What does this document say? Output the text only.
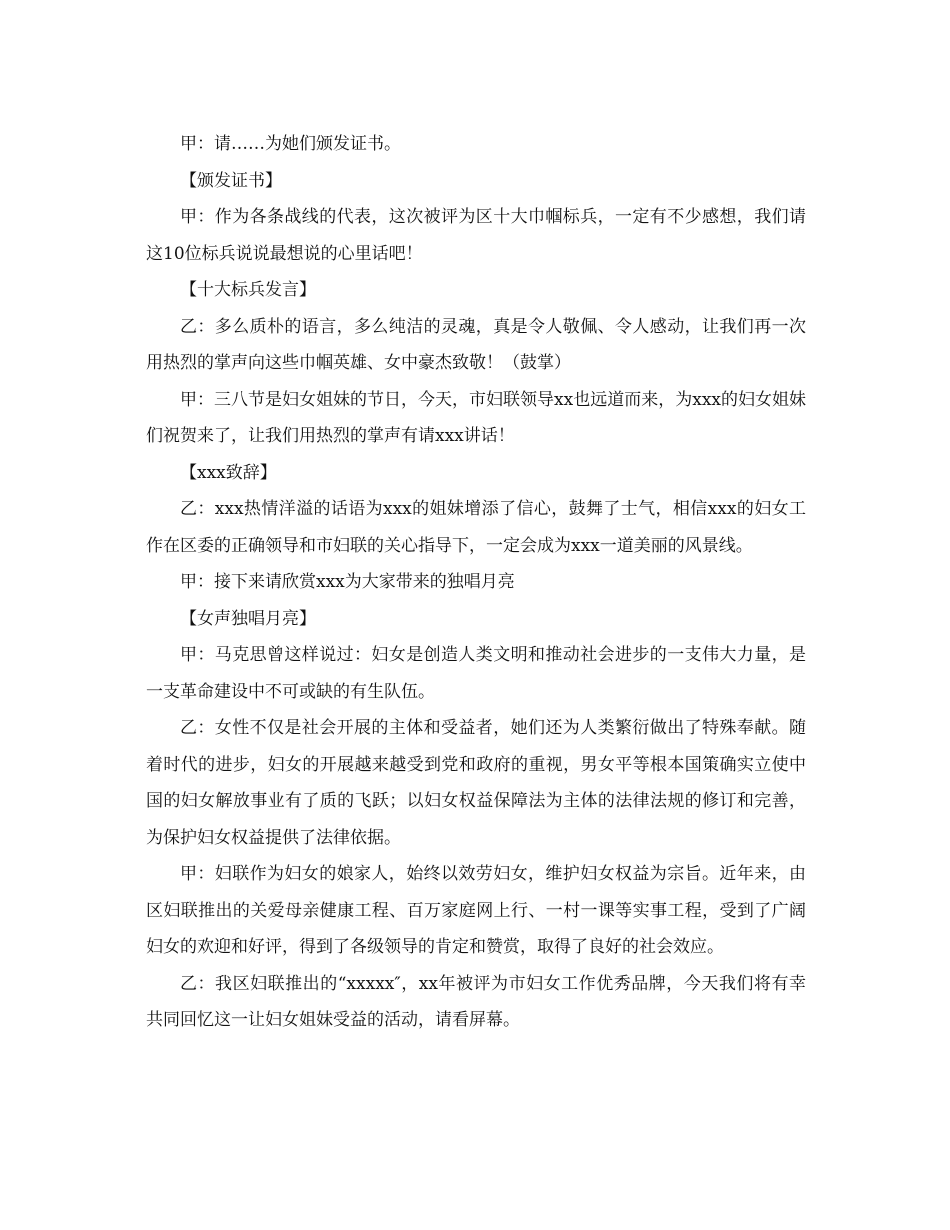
甲：请……为她们颁发证书。

【颁发证书】

甲：作为各条战线的代表，这次被评为区十大巾帼标兵，一定有不少感想，我们请这10位标兵说说最想说的心里话吧！

【十大标兵发言】

乙：多么质朴的语言，多么纯洁的灵魂，真是令人敬佩、令人感动，让我们再一次用热烈的掌声向这些巾帼英雄、女中豪杰致敬！（鼓掌）

甲：三八节是妇女姐妹的节日，今天，市妇联领导xx也远道而来，为xxx的妇女姐妹们祝贺来了，让我们用热烈的掌声有请xxx讲话！

【xxx致辞】

乙：xxx热情洋溢的话语为xxx的姐妹增添了信心，鼓舞了士气，相信xxx的妇女工作在区委的正确领导和市妇联的关心指导下，一定会成为xxx一道美丽的风景线。

甲：接下来请欣赏xxx为大家带来的独唱月亮

【女声独唱月亮】

甲：马克思曾这样说过：妇女是创造人类文明和推动社会进步的一支伟大力量，是一支革命建设中不可或缺的有生队伍。

乙：女性不仅是社会开展的主体和受益者，她们还为人类繁衍做出了特殊奉献。随着时代的进步，妇女的开展越来越受到党和政府的重视，男女平等根本国策确实立使中国的妇女解放事业有了质的飞跃；以妇女权益保障法为主体的法律法规的修订和完善，为保护妇女权益提供了法律依据。

甲：妇联作为妇女的娘家人，始终以效劳妇女，维护妇女权益为宗旨。近年来，由区妇联推出的关爱母亲健康工程、百万家庭网上行、一村一课等实事工程，受到了广阔妇女的欢迎和好评，得到了各级领导的肯定和赞赏，取得了良好的社会效应。

乙：我区妇联推出的“xxxxx″，xx年被评为市妇女工作优秀品牌，今天我们将有幸共同回忆这一让妇女姐妹受益的活动，请看屏幕。
